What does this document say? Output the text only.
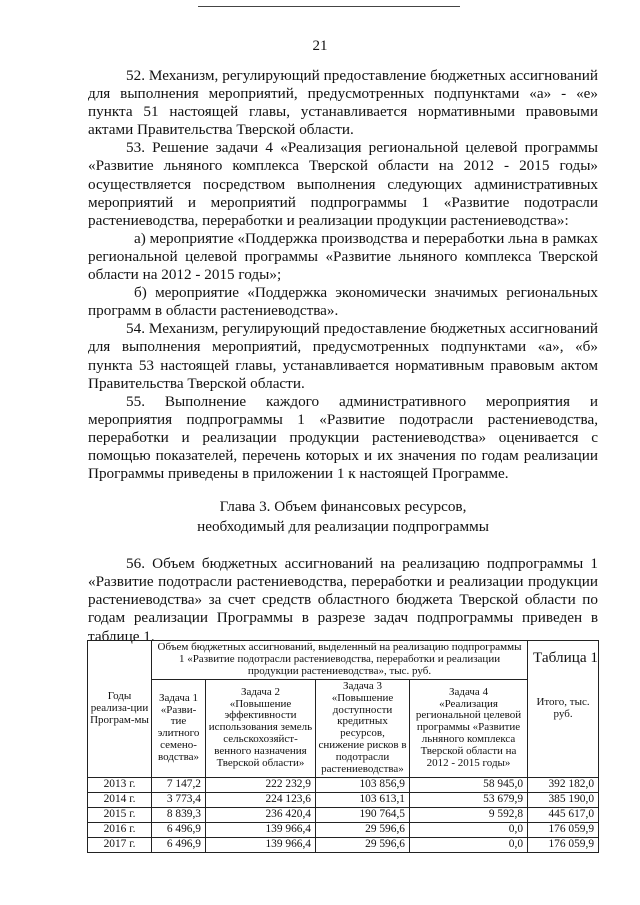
21

52. Механизм, регулирующий предоставление бюджетных ассигнований для выполнения мероприятий, предусмотренных подпунктами «а» - «е» пункта 51 настоящей главы, устанавливается нормативными правовыми актами Правительства Тверской области.

53. Решение задачи 4 «Реализация региональной целевой программы «Развитие льняного комплекса Тверской области на 2012 - 2015 годы» осуществляется посредством выполнения следующих административных мероприятий и мероприятий подпрограммы 1 «Развитие подотрасли растениеводства, переработки и реализации продукции растениеводства»:

а) мероприятие «Поддержка производства и переработки льна в рамках региональной целевой программы «Развитие льняного комплекса Тверской области на 2012 - 2015 годы»;

б) мероприятие «Поддержка экономически значимых региональных программ в области растениеводства».

54. Механизм, регулирующий предоставление бюджетных ассигнований для выполнения мероприятий, предусмотренных подпунктами «а», «б» пункта 53 настоящей главы, устанавливается нормативным правовым актом Правительства Тверской области.

55. Выполнение каждого административного мероприятия и мероприятия подпрограммы 1 «Развитие подотрасли растениеводства, переработки и реализации продукции растениеводства» оценивается с помощью показателей, перечень которых и их значения по годам реализации Программы приведены в приложении 1 к настоящей Программе.

Глава 3. Объем финансовых ресурсов,
необходимый для реализации подпрограммы

56. Объем бюджетных ассигнований на реализацию подпрограммы 1 «Развитие подотрасли растениеводства, переработки и реализации продукции растениеводства» за счет средств областного бюджета Тверской области по годам реализации Программы в разрезе задач подпрограммы приведен в таблице 1.

Таблица 1

Годы реализа-ции Програм-мы	Объем бюджетных ассигнований, выделенный на реализацию подпрограммы 1 «Развитие подотрасли растениеводства, переработки и реализации продукции растениеводства», тыс. руб.				Итого, тыс. руб.

	Задача 1
«Разви-тие элитного семено-водства»	Задача 2
«Повышение эффективности использования земель сельскохозяйст-венного назначения Тверской области»	Задача 3
«Повышение доступности кредитных ресурсов, снижение рисков в подотрасли растениеводства»	Задача 4
«Реализация региональной целевой программы «Развитие льняного комплекса Тверской области на 2012 - 2015 годы»	

2013 г.	7 147,2	222 232,9	103 856,9	58 945,0	392 182,0
2014 г.	3 773,4	224 123,6	103 613,1	53 679,9	385 190,0
2015 г.	8 839,3	236 420,4	190 764,5	9 592,8	445 617,0
2016 г.	6 496,9	139 966,4	29 596,6	0,0	176 059,9
2017 г.	6 496,9	139 966,4	29 596,6	0,0	176 059,9
